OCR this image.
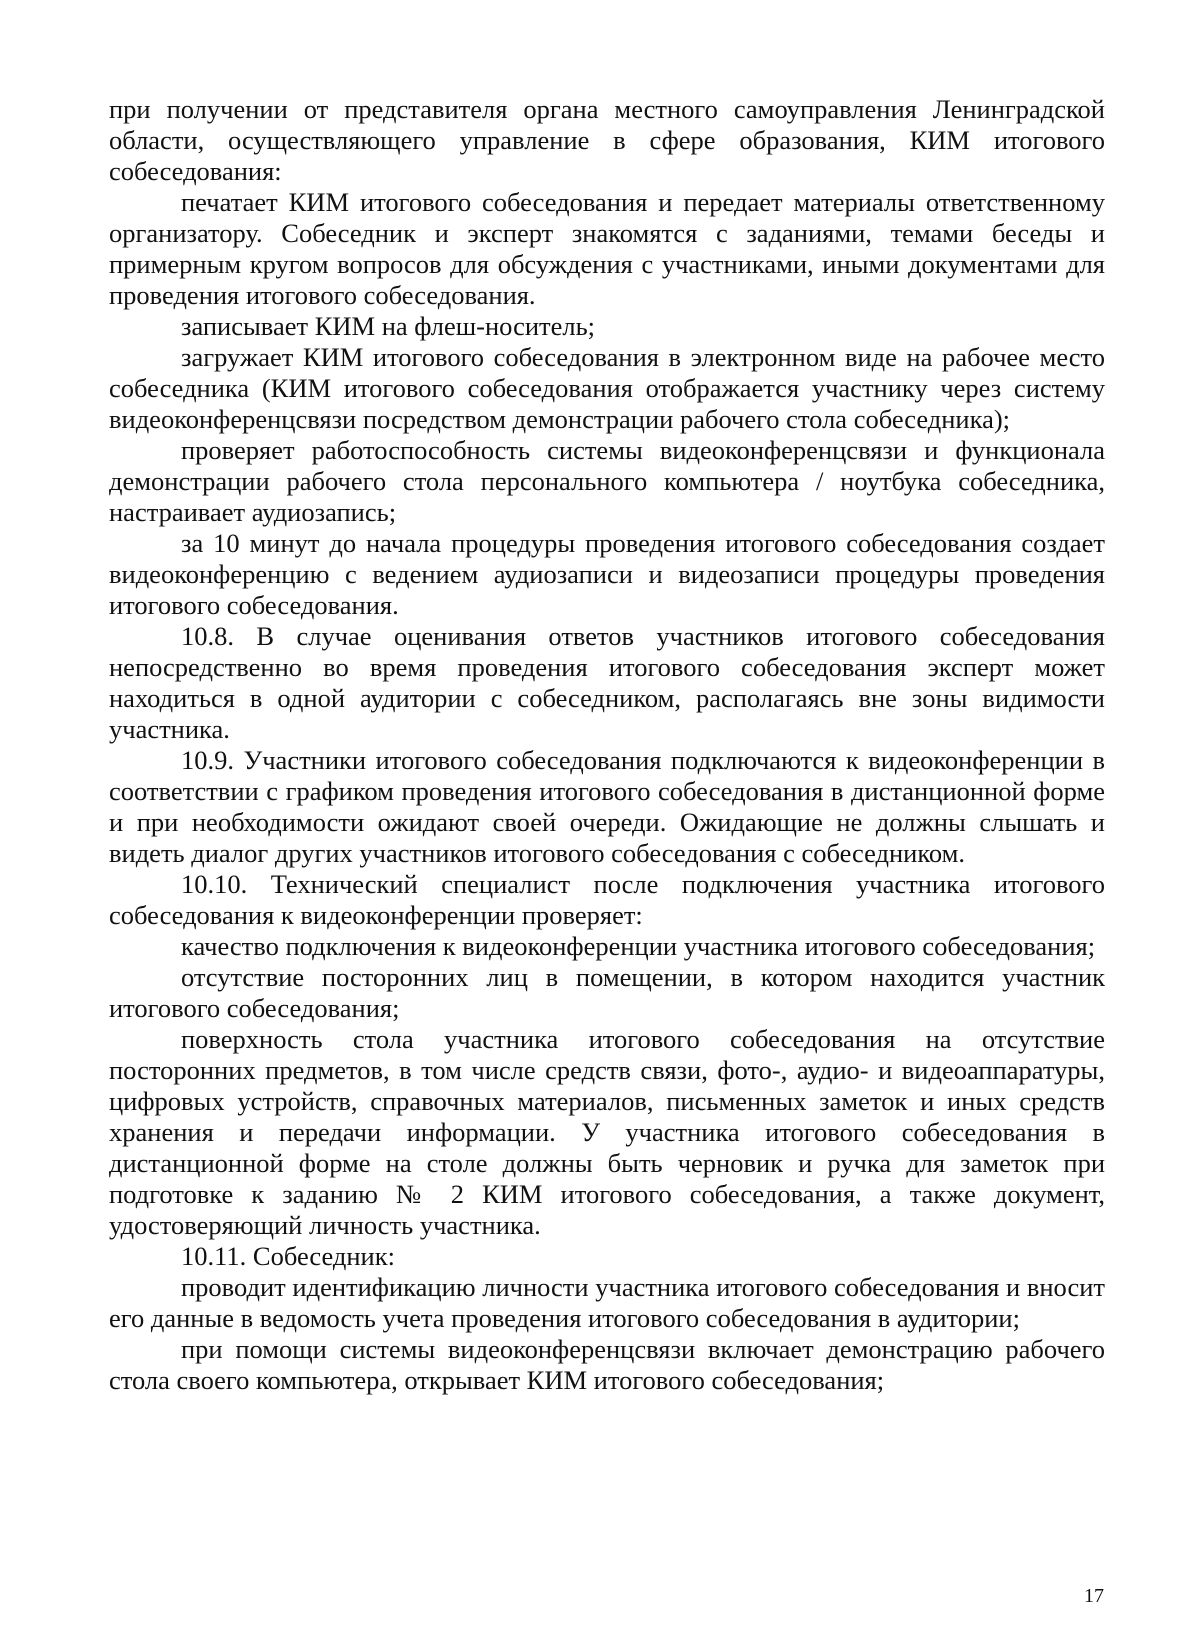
при получении от представителя органа местного самоуправления Ленинградской области, осуществляющего управление в сфере образования, КИМ итогового собеседования:

печатает КИМ итогового собеседования и передает материалы ответственному организатору. Собеседник и эксперт знакомятся с заданиями, темами беседы и примерным кругом вопросов для обсуждения с участниками, иными документами для проведения итогового собеседования.

записывает КИМ на флеш-носитель;

загружает КИМ итогового собеседования в электронном виде на рабочее место собеседника (КИМ итогового собеседования отображается участнику через систему видеоконференцсвязи посредством демонстрации рабочего стола собеседника);

проверяет работоспособность системы видеоконференцсвязи и функционала демонстрации рабочего стола персонального компьютера / ноутбука собеседника, настраивает аудиозапись;

за 10 минут до начала процедуры проведения итогового собеседования создает видеоконференцию с ведением аудиозаписи и видеозаписи процедуры проведения итогового собеседования.

10.8. В случае оценивания ответов участников итогового собеседования непосредственно во время проведения итогового собеседования эксперт может находиться в одной аудитории с собеседником, располагаясь вне зоны видимости участника.

10.9. Участники итогового собеседования подключаются к видеоконференции в соответствии с графиком проведения итогового собеседования в дистанционной форме и при необходимости ожидают своей очереди. Ожидающие не должны слышать и видеть диалог других участников итогового собеседования с собеседником.

10.10. Технический специалист после подключения участника итогового собеседования к видеоконференции проверяет:

качество подключения к видеоконференции участника итогового собеседования;

отсутствие посторонних лиц в помещении, в котором находится участник итогового собеседования;

поверхность стола участника итогового собеседования на отсутствие посторонних предметов, в том числе средств связи, фото-, аудио- и видеоаппаратуры, цифровых устройств, справочных материалов, письменных заметок и иных средств хранения и передачи информации. У участника итогового собеседования в дистанционной форме на столе должны быть черновик и ручка для заметок при подготовке к заданию № 2 КИМ итогового собеседования, а также документ, удостоверяющий личность участника.

10.11. Собеседник:

проводит идентификацию личности участника итогового собеседования и вносит его данные в ведомость учета проведения итогового собеседования в аудитории;

при помощи системы видеоконференцсвязи включает демонстрацию рабочего стола своего компьютера, открывает КИМ итогового собеседования;

17
